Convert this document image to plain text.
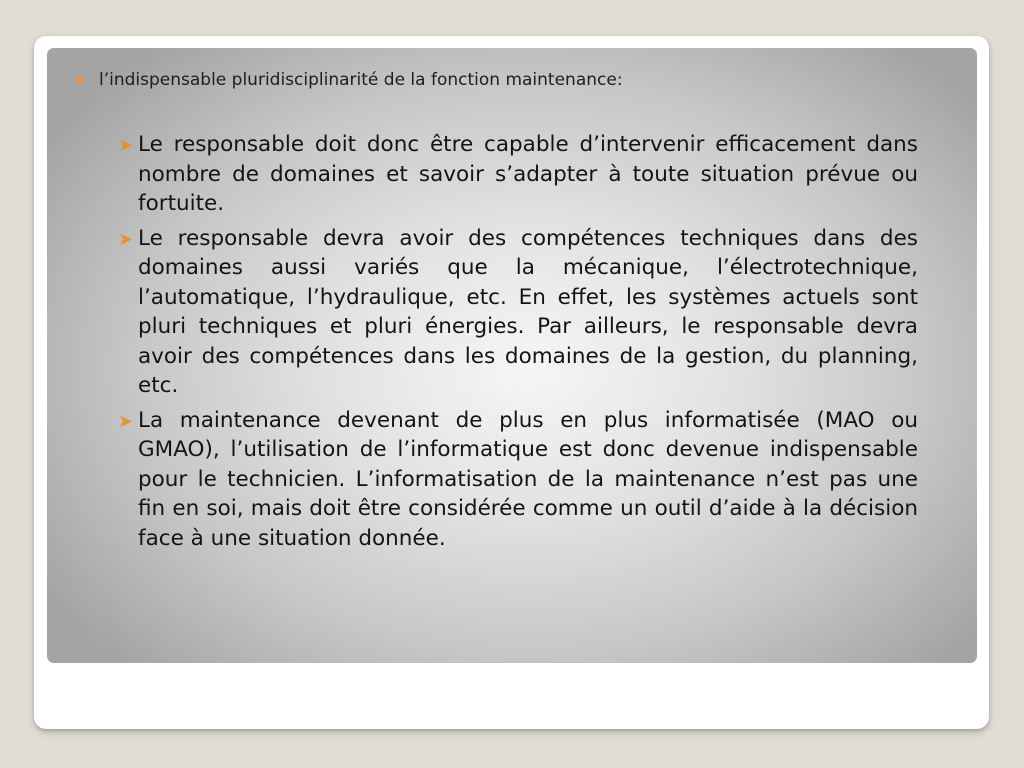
l’indispensable pluridisciplinarité de la fonction maintenance:
➤ Le responsable doit donc être capable d’intervenir efficacement dans nombre de domaines et savoir s’adapter à toute situation prévue ou fortuite.

➤ Le responsable devra avoir des compétences techniques dans des domaines aussi variés que la mécanique, l’électrotechnique, l’automatique, l’hydraulique, etc. En effet, les systèmes actuels sont pluri techniques et pluri énergies. Par ailleurs, le responsable devra avoir des compétences dans les domaines de la gestion, du planning, etc.

➤ La maintenance devenant de plus en plus informatisée (MAO ou GMAO), l’utilisation de l’informatique est donc devenue indispensable pour le technicien. L’informatisation de la maintenance n’est pas une fin en soi, mais doit être considérée comme un outil d’aide à la décision face à une situation donnée.
